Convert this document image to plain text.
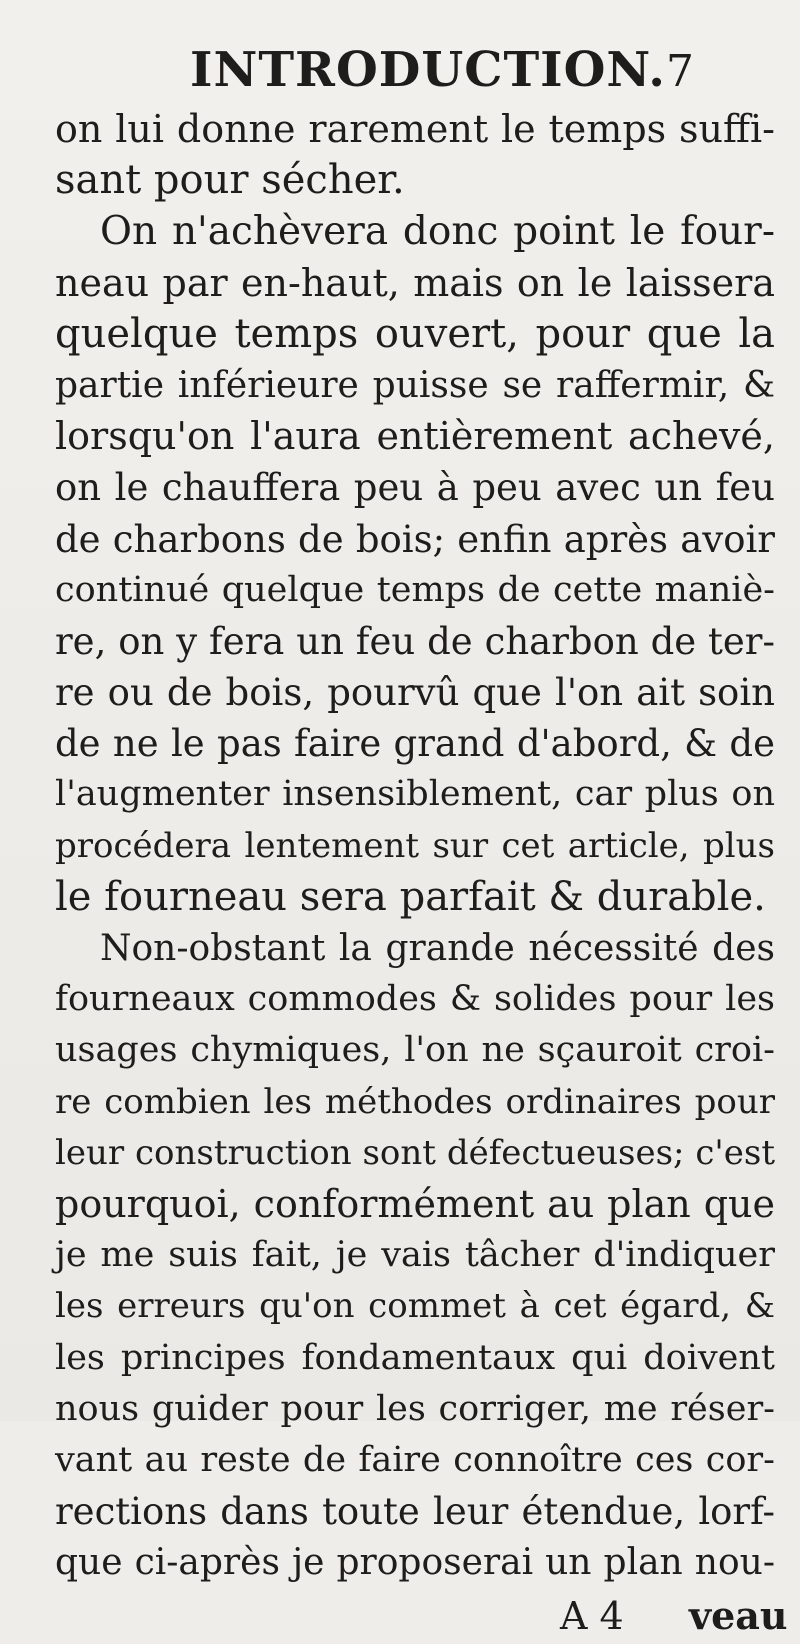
INTRODUCTION. 7
on lui donne rarement le temps suffi-
sant pour sécher.
On n'achèvera donc point le four-
neau par en-haut, mais on le laissera
quelque temps ouvert, pour que la
partie inférieure puisse se raffermir, &
lorsqu'on l'aura entièrement achevé,
on le chauffera peu à peu avec un feu
de charbons de bois; enfin après avoir
continué quelque temps de cette maniè-
re, on y fera un feu de charbon de ter-
re ou de bois, pourvû que l'on ait soin
de ne le pas faire grand d'abord, & de
l'augmenter insensiblement, car plus on
procédera lentement sur cet article, plus
le fourneau sera parfait & durable.
Non-obstant la grande nécessité des
fourneaux commodes & solides pour les
usages chymiques, l'on ne sçauroit croi-
re combien les méthodes ordinaires pour
leur construction sont défectueuses; c'est
pourquoi, conformément au plan que
je me suis fait, je vais tâcher d'indiquer
les erreurs qu'on commet à cet égard, &
les principes fondamentaux qui doivent
nous guider pour les corriger, me réser-
vant au reste de faire connoître ces cor-
rections dans toute leur étendue, lorf-
que ci-après je proposerai un plan nou-
A 4 veau
